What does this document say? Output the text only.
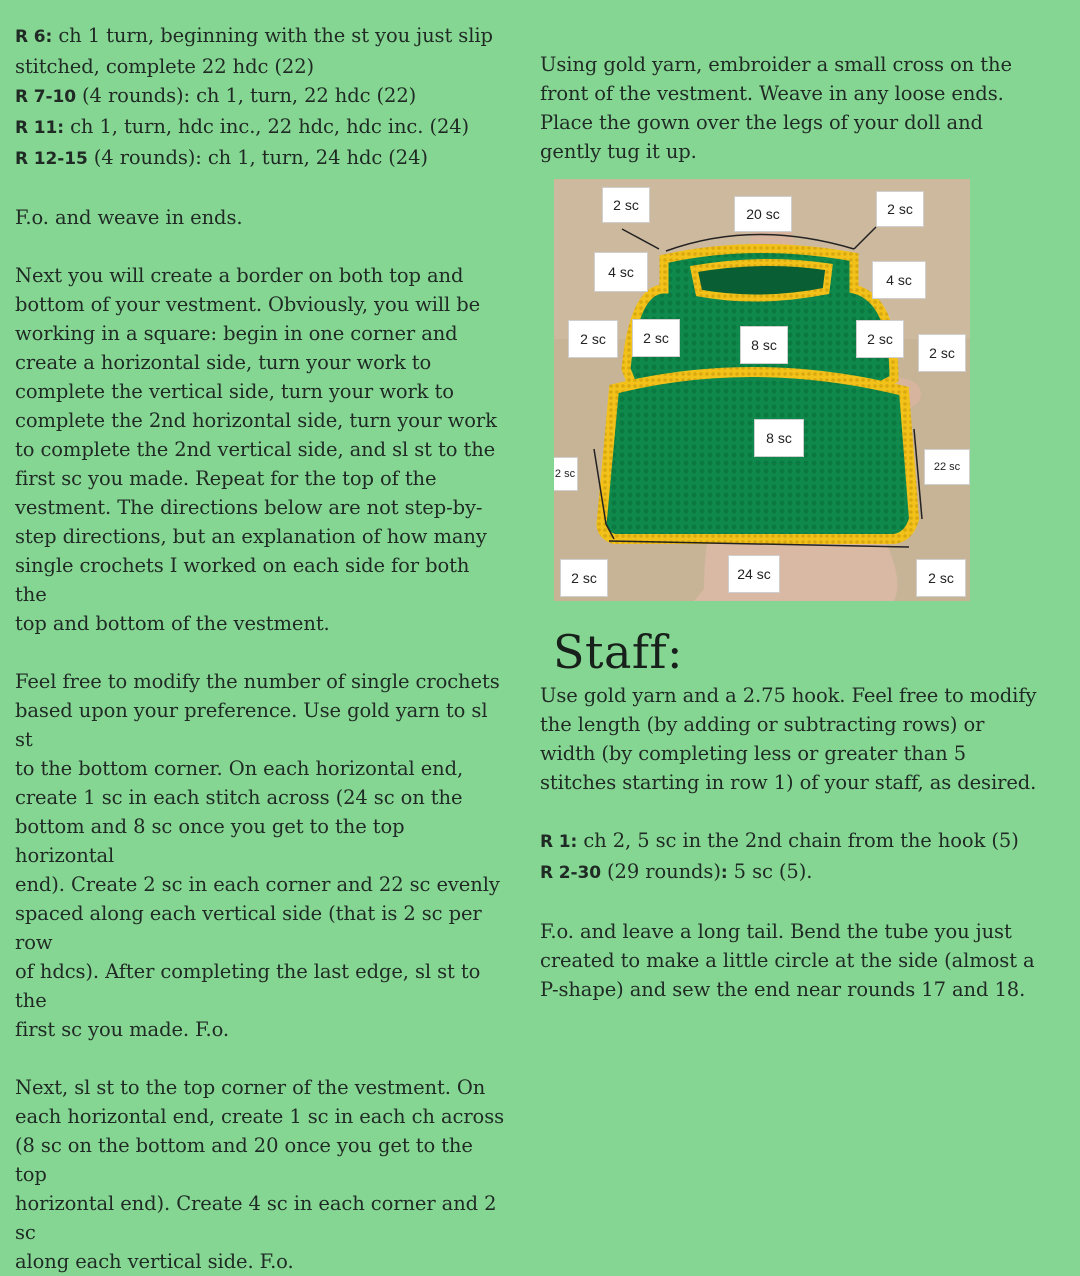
R 6: ch 1 turn, beginning with the st you just slip

stitched, complete 22 hdc (22)

R 7-10 (4 rounds): ch 1, turn, 22 hdc (22)

R 11: ch 1, turn, hdc inc., 22 hdc, hdc inc. (24)

R 12-15 (4 rounds): ch 1, turn, 24 hdc (24)

F.o. and weave in ends.

Next you will create a border on both top and

bottom of your vestment. Obviously, you will be

working in a square: begin in one corner and

create a horizontal side, turn your work to

complete the vertical side, turn your work to

complete the 2nd horizontal side, turn your work

to complete the 2nd vertical side, and sl st to the

first sc you made. Repeat for the top of the

vestment. The directions below are not step-by-

step directions, but an explanation of how many

single crochets I worked on each side for both the

top and bottom of the vestment.

Feel free to modify the number of single crochets

based upon your preference. Use gold yarn to sl st

to the bottom corner. On each horizontal end,

create 1 sc in each stitch across (24 sc on the

bottom and 8 sc once you get to the top horizontal

end). Create 2 sc in each corner and 22 sc evenly

spaced along each vertical side (that is 2 sc per row

of hdcs). After completing the last edge, sl st to the

first sc you made. F.o.

Next, sl st to the top corner of the vestment. On

each horizontal end, create 1 sc in each ch across

(8 sc on the bottom and 20 once you get to the top

horizontal end). Create 4 sc in each corner and 2 sc

along each vertical side. F.o.

Using gold yarn, embroider a small cross on the

front of the vestment. Weave in any loose ends.

Place the gown over the legs of your doll and

gently tug it up.

2 sc
20 sc	2 sc
4 sc	4 sc
2 sc	2 sc	8 sc	2 sc
2 sc
8 sc
2 sc
22 sc
2 sc	24 sc	2 sc
Staff:

Use gold yarn and a 2.75 hook. Feel free to modify

the length (by adding or subtracting rows) or

width (by completing less or greater than 5

stitches starting in row 1) of your staff, as desired.

R 1: ch 2, 5 sc in the 2nd chain from the hook (5)

R 2-30 (29 rounds): 5 sc (5).

F.o. and leave a long tail. Bend the tube you just

created to make a little circle at the side (almost a

P-shape) and sew the end near rounds 17 and 18.
